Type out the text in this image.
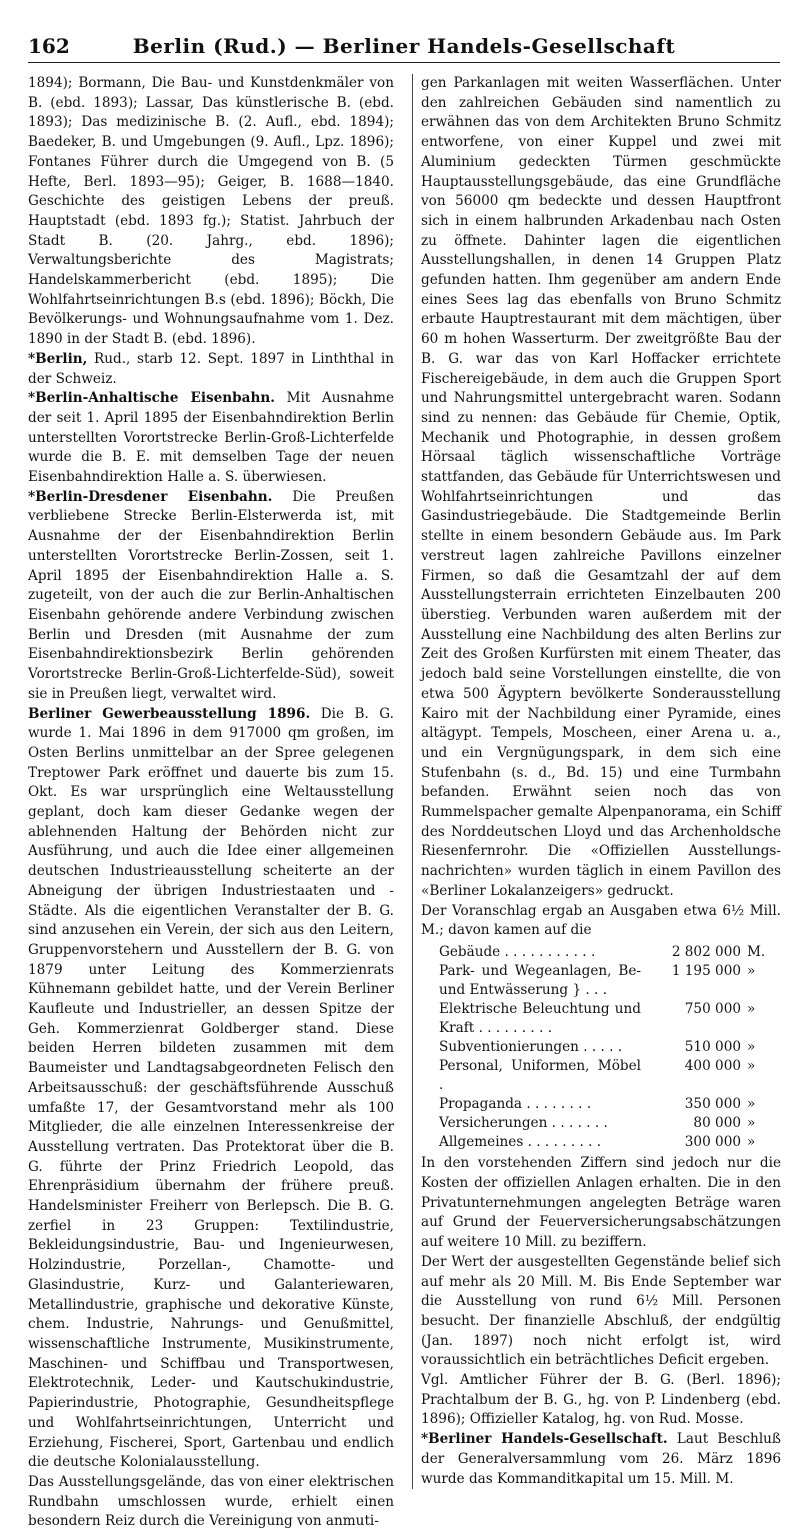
162	Berlin (Rud.) — Berliner Handels-Gesellschaft

1894); Bormann, Die Bau- und Kunstdenkmäler von B. (ebd. 1893); Lassar, Das künstlerische B. (ebd. 1893); Das medizinische B. (2. Aufl., ebd. 1894); Baedeker, B. und Umgebungen (9. Aufl., Lpz. 1896); Fontanes Führer durch die Umgegend von B. (5 Hefte, Berl. 1893—95); Geiger, B. 1688—1840. Geschichte des geistigen Lebens der preuß. Hauptstadt (ebd. 1893 fg.); Statist. Jahrbuch der Stadt B. (20. Jahrg., ebd. 1896); Verwaltungsberichte des Magistrats; Handelskammerbericht (ebd. 1895); Die Wohlfahrtseinrichtungen B.s (ebd. 1896); Böckh, Die Bevölkerungs- und Wohnungsaufnahme vom 1. Dez. 1890 in der Stadt B. (ebd. 1896).

*Berlin, Rud., starb 12. Sept. 1897 in Linththal in der Schweiz.

*Berlin-Anhaltische Eisenbahn. Mit Ausnahme der seit 1. April 1895 der Eisenbahndirektion Berlin unterstellten Vorortstrecke Berlin-Groß-Lichterfelde wurde die B. E. mit demselben Tage der neuen Eisenbahndirektion Halle a. S. überwiesen.

*Berlin-Dresdener Eisenbahn. Die Preußen verbliebene Strecke Berlin-Elsterwerda ist, mit Ausnahme der der Eisenbahndirektion Berlin unterstellten Vorortstrecke Berlin-Zossen, seit 1. April 1895 der Eisenbahndirektion Halle a. S. zugeteilt, von der auch die zur Berlin-Anhaltischen Eisenbahn gehörende andere Verbindung zwischen Berlin und Dresden (mit Ausnahme der zum Eisenbahndirektionsbezirk Berlin gehörenden Vorortstrecke Berlin-Groß-Lichterfelde-Süd), soweit sie in Preußen liegt, verwaltet wird.

Berliner Gewerbeausstellung 1896. Die B. G. wurde 1. Mai 1896 in dem 917000 qm großen, im Osten Berlins unmittelbar an der Spree gelegenen Treptower Park eröffnet und dauerte bis zum 15. Okt. Es war ursprünglich eine Weltausstellung geplant, doch kam dieser Gedanke wegen der ablehnenden Haltung der Behörden nicht zur Ausführung, und auch die Idee einer allgemeinen deutschen Industrieausstellung scheiterte an der Abneigung der übrigen Industriestaaten und -Städte. Als die eigentlichen Veranstalter der B. G. sind anzusehen ein Verein, der sich aus den Leitern, Gruppenvorstehern und Ausstellern der B. G. von 1879 unter Leitung des Kommerzienrats Kühnemann gebildet hatte, und der Verein Berliner Kaufleute und Industrieller, an dessen Spitze der Geh. Kommerzienrat Goldberger stand. Diese beiden Herren bildeten zusammen mit dem Baumeister und Landtagsabgeordneten Felisch den Arbeitsausschuß: der geschäftsführende Ausschuß umfaßte 17, der Gesamtvorstand mehr als 100 Mitglieder, die alle einzelnen Interessenkreise der Ausstellung vertraten. Das Protektorat über die B. G. führte der Prinz Friedrich Leopold, das Ehrenpräsidium übernahm der frühere preuß. Handelsminister Freiherr von Berlepsch. Die B. G. zerfiel in 23 Gruppen: Textilindustrie, Bekleidungsindustrie, Bau- und Ingenieurwesen, Holzindustrie, Porzellan-, Chamotte- und Glasindustrie, Kurz- und Galanteriewaren, Metallindustrie, graphische und dekorative Künste, chem. Industrie, Nahrungs- und Genußmittel, wissenschaftliche Instrumente, Musikinstrumente, Maschinen- und Schiffbau und Transportwesen, Elektrotechnik, Leder- und Kautschukindustrie, Papierindustrie, Photographie, Gesundheitspflege und Wohlfahrtseinrichtungen, Unterricht und Erziehung, Fischerei, Sport, Gartenbau und endlich die deutsche Kolonialausstellung.

Das Ausstellungsgelände, das von einer elektrischen Rundbahn umschlossen wurde, erhielt einen besondern Reiz durch die Vereinigung von anmuti-

gen Parkanlagen mit weiten Wasserflächen. Unter den zahlreichen Gebäuden sind namentlich zu erwähnen das von dem Architekten Bruno Schmitz entworfene, von einer Kuppel und zwei mit Aluminium gedeckten Türmen geschmückte Hauptausstellungsgebäude, das eine Grundfläche von 56000 qm bedeckte und dessen Hauptfront sich in einem halbrunden Arkadenbau nach Osten zu öffnete. Dahinter lagen die eigentlichen Ausstellungshallen, in denen 14 Gruppen Platz gefunden hatten. Ihm gegenüber am andern Ende eines Sees lag das ebenfalls von Bruno Schmitz erbaute Hauptrestaurant mit dem mächtigen, über 60 m hohen Wasserturm. Der zweitgrößte Bau der B. G. war das von Karl Hoffacker errichtete Fischereigebäude, in dem auch die Gruppen Sport und Nahrungsmittel untergebracht waren. Sodann sind zu nennen: das Gebäude für Chemie, Optik, Mechanik und Photographie, in dessen großem Hörsaal täglich wissenschaftliche Vorträge stattfanden, das Gebäude für Unterrichtswesen und Wohlfahrtseinrichtungen und das Gasindustriegebäude. Die Stadtgemeinde Berlin stellte in einem besondern Gebäude aus. Im Park verstreut lagen zahlreiche Pavillons einzelner Firmen, so daß die Gesamtzahl der auf dem Ausstellungsterrain errichteten Einzelbauten 200 überstieg. Verbunden waren außerdem mit der Ausstellung eine Nachbildung des alten Berlins zur Zeit des Großen Kurfürsten mit einem Theater, das jedoch bald seine Vorstellungen einstellte, die von etwa 500 Ägyptern bevölkerte Sonderausstellung Kairo mit der Nachbildung einer Pyramide, eines altägypt. Tempels, Moscheen, einer Arena u. a., und ein Vergnügungspark, in dem sich eine Stufenbahn (s. d., Bd. 15) und eine Turmbahn befanden. Erwähnt seien noch das von Rummelspacher gemalte Alpenpanorama, ein Schiff des Norddeutschen Lloyd und das Archenholdsche Riesenfernrohr. Die «Offiziellen Ausstellungs-nachrichten» wurden täglich in einem Pavillon des «Berliner Lokalanzeigers» gedruckt.

Der Voranschlag ergab an Ausgaben etwa 6½ Mill. M.; davon kamen auf die

Gebäude . . . . . . . . . . .	2 802 000	M.
Park- und Wegeanlagen, Be- und Entwässerung } . . .	1 195 000	»
Elektrische Beleuchtung und Kraft . . . . . . . . .	750 000	»
Subventionierungen . . . . .	510 000	»
Personal, Uniformen, Möbel .	400 000	»
Propaganda . . . . . . . .	350 000	»
Versicherungen . . . . . . .	80 000	»
Allgemeines . . . . . . . . .	300 000	»

In den vorstehenden Ziffern sind jedoch nur die Kosten der offiziellen Anlagen erhalten. Die in den Privatunternehmungen angelegten Beträge waren auf Grund der Feuerversicherungsabschätzungen auf weitere 10 Mill. zu beziffern.

Der Wert der ausgestellten Gegenstände belief sich auf mehr als 20 Mill. M. Bis Ende September war die Ausstellung von rund 6½ Mill. Personen besucht. Der finanzielle Abschluß, der endgültig (Jan. 1897) noch nicht erfolgt ist, wird voraussichtlich ein beträchtliches Deficit ergeben.

Vgl. Amtlicher Führer der B. G. (Berl. 1896); Prachtalbum der B. G., hg. von P. Lindenberg (ebd. 1896); Offizieller Katalog, hg. von Rud. Mosse.

*Berliner Handels-Gesellschaft. Laut Beschluß der Generalversammlung vom 26. März 1896 wurde das Kommanditkapital um 15. Mill. M.
